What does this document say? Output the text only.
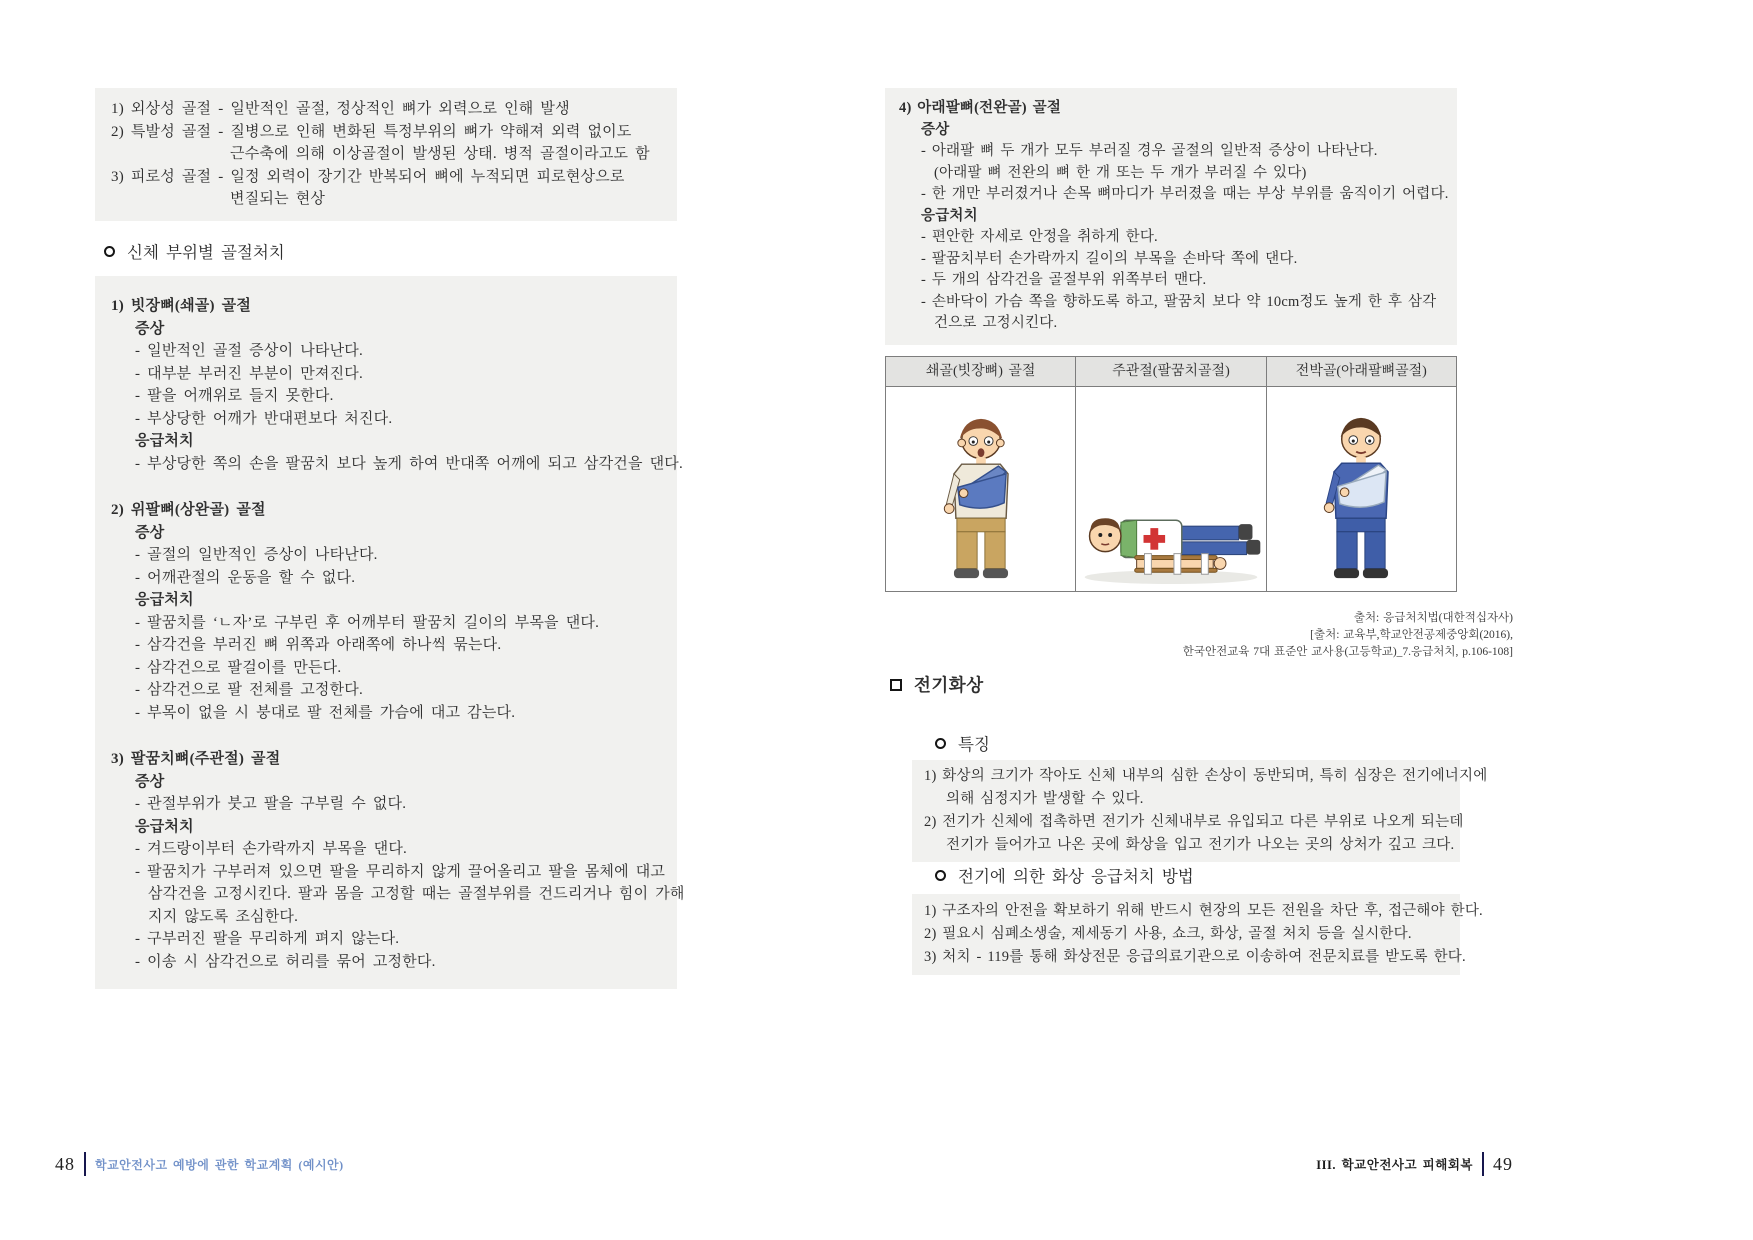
1) 외상성 골절 - 일반적인 골절, 정상적인 뼈가 외력으로 인해 발생
2) 특발성 골절 - 질병으로 인해 변화된 특정부위의 뼈가 약해져 외력 없이도
근수축에 의해 이상골절이 발생된 상태. 병적 골절이라고도 함
3) 피로성 골절 - 일정 외력이 장기간 반복되어 뼈에 누적되면 피로현상으로
변질되는 현상
신체 부위별 골절처치
1) 빗장뼈(쇄골) 골절
증상
- 일반적인 골절 증상이 나타난다.
- 대부분 부러진 부분이 만져진다.
- 팔을 어깨위로 들지 못한다.
- 부상당한 어깨가 반대편보다 처진다.
응급처치
- 부상당한 쪽의 손을 팔꿈치 보다 높게 하여 반대쪽 어깨에 되고 삼각건을 댄다.
2) 위팔뼈(상완골) 골절
증상
- 골절의 일반적인 증상이 나타난다.
- 어깨관절의 운동을 할 수 없다.
응급처치
- 팔꿈치를 ‘ㄴ자’로 구부린 후 어깨부터 팔꿈치 길이의 부목을 댄다.
- 삼각건을 부러진 뼈 위쪽과 아래쪽에 하나씩 묶는다.
- 삼각건으로 팔걸이를 만든다.
- 삼각건으로 팔 전체를 고정한다.
- 부목이 없을 시 붕대로 팔 전체를 가슴에 대고 감는다.
3) 팔꿈치뼈(주관절) 골절
증상
- 관절부위가 붓고 팔을 구부릴 수 없다.
응급처치
- 겨드랑이부터 손가락까지 부목을 댄다.
- 팔꿈치가 구부러져 있으면 팔을 무리하지 않게 끌어올리고 팔을 몸체에 대고
삼각건을 고정시킨다. 팔과 몸을 고정할 때는 골절부위를 건드리거나 힘이 가해
지지 않도록 조심한다.
- 구부러진 팔을 무리하게 펴지 않는다.
- 이송 시 삼각건으로 허리를 묶어 고정한다.
48 학교안전사고 예방에 관한 학교계획 (예시안)
4) 아래팔뼈(전완골) 골절
증상
- 아래팔 뼈 두 개가 모두 부러질 경우 골절의 일반적 증상이 나타난다.
(아래팔 뼈 전완의 뼈 한 개 또는 두 개가 부러질 수 있다)
- 한 개만 부러졌거나 손목 뼈마디가 부러졌을 때는 부상 부위를 움직이기 어렵다.
응급처치
- 편안한 자세로 안정을 취하게 한다.
- 팔꿈치부터 손가락까지 길이의 부목을 손바닥 쪽에 댄다.
- 두 개의 삼각건을 골절부위 위쪽부터 맨다.
- 손바닥이 가슴 쪽을 향하도록 하고, 팔꿈치 보다 약 10cm정도 높게 한 후 삼각
건으로 고정시킨다.
쇄골(빗장뼈) 골절	주관절(팔꿈치골절)	전박골(아래팔뼈골절)
출처: 응급처치법(대한적십자사)
[출처: 교육부,학교안전공제중앙회(2016),
한국안전교육 7대 표준안 교사용(고등학교)_7.응급처치, p.106-108]
전기화상
특징
1) 화상의 크기가 작아도 신체 내부의 심한 손상이 동반되며, 특히 심장은 전기에너지에
의해 심정지가 발생할 수 있다.
2) 전기가 신체에 접촉하면 전기가 신체내부로 유입되고 다른 부위로 나오게 되는데
전기가 들어가고 나온 곳에 화상을 입고 전기가 나오는 곳의 상처가 깊고 크다.
전기에 의한 화상 응급처치 방법
1) 구조자의 안전을 확보하기 위해 반드시 현장의 모든 전원을 차단 후, 접근해야 한다.
2) 필요시 심폐소생술, 제세동기 사용, 쇼크, 화상, 골절 처치 등을 실시한다.
3) 처치 - 119를 통해 화상전문 응급의료기관으로 이송하여 전문치료를 받도록 한다.
III. 학교안전사고 피해회복 49
